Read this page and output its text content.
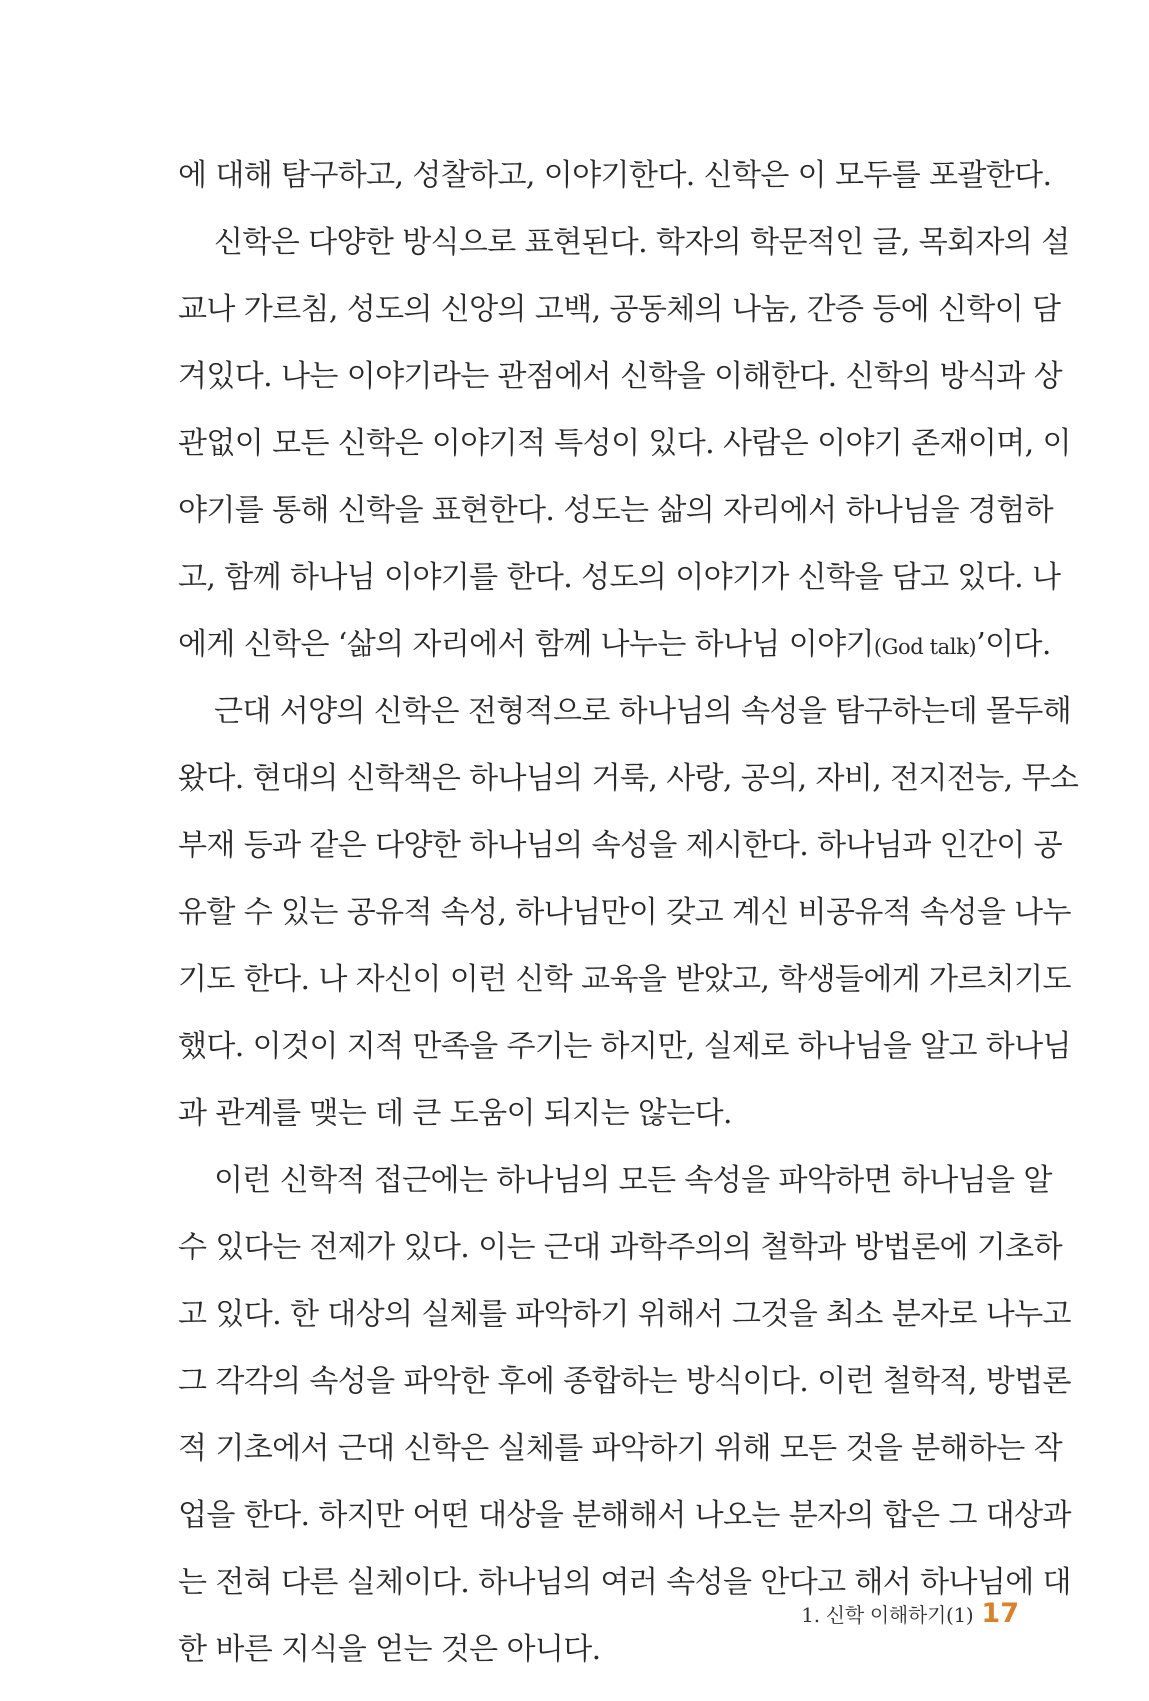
에 대해 탐구하고, 성찰하고, 이야기한다. 신학은 이 모두를 포괄한다.
신학은 다양한 방식으로 표현된다. 학자의 학문적인 글, 목회자의 설
교나 가르침, 성도의 신앙의 고백, 공동체의 나눔, 간증 등에 신학이 담
겨있다. 나는 이야기라는 관점에서 신학을 이해한다. 신학의 방식과 상
관없이 모든 신학은 이야기적 특성이 있다. 사람은 이야기 존재이며, 이
야기를 통해 신학을 표현한다. 성도는 삶의 자리에서 하나님을 경험하
고, 함께 하나님 이야기를 한다. 성도의 이야기가 신학을 담고 있다. 나
에게 신학은 ‘삶의 자리에서 함께 나누는 하나님 이야기(God talk)’이다.
근대 서양의 신학은 전형적으로 하나님의 속성을 탐구하는데 몰두해
왔다. 현대의 신학책은 하나님의 거룩, 사랑, 공의, 자비, 전지전능, 무소
부재 등과 같은 다양한 하나님의 속성을 제시한다. 하나님과 인간이 공
유할 수 있는 공유적 속성, 하나님만이 갖고 계신 비공유적 속성을 나누
기도 한다. 나 자신이 이런 신학 교육을 받았고, 학생들에게 가르치기도
했다. 이것이 지적 만족을 주기는 하지만, 실제로 하나님을 알고 하나님
과 관계를 맺는 데 큰 도움이 되지는 않는다.
이런 신학적 접근에는 하나님의 모든 속성을 파악하면 하나님을 알
수 있다는 전제가 있다. 이는 근대 과학주의의 철학과 방법론에 기초하
고 있다. 한 대상의 실체를 파악하기 위해서 그것을 최소 분자로 나누고
그 각각의 속성을 파악한 후에 종합하는 방식이다. 이런 철학적, 방법론
적 기초에서 근대 신학은 실체를 파악하기 위해 모든 것을 분해하는 작
업을 한다. 하지만 어떤 대상을 분해해서 나오는 분자의 합은 그 대상과
는 전혀 다른 실체이다. 하나님의 여러 속성을 안다고 해서 하나님에 대
한 바른 지식을 얻는 것은 아니다.
1. 신학 이해하기(1) 17
